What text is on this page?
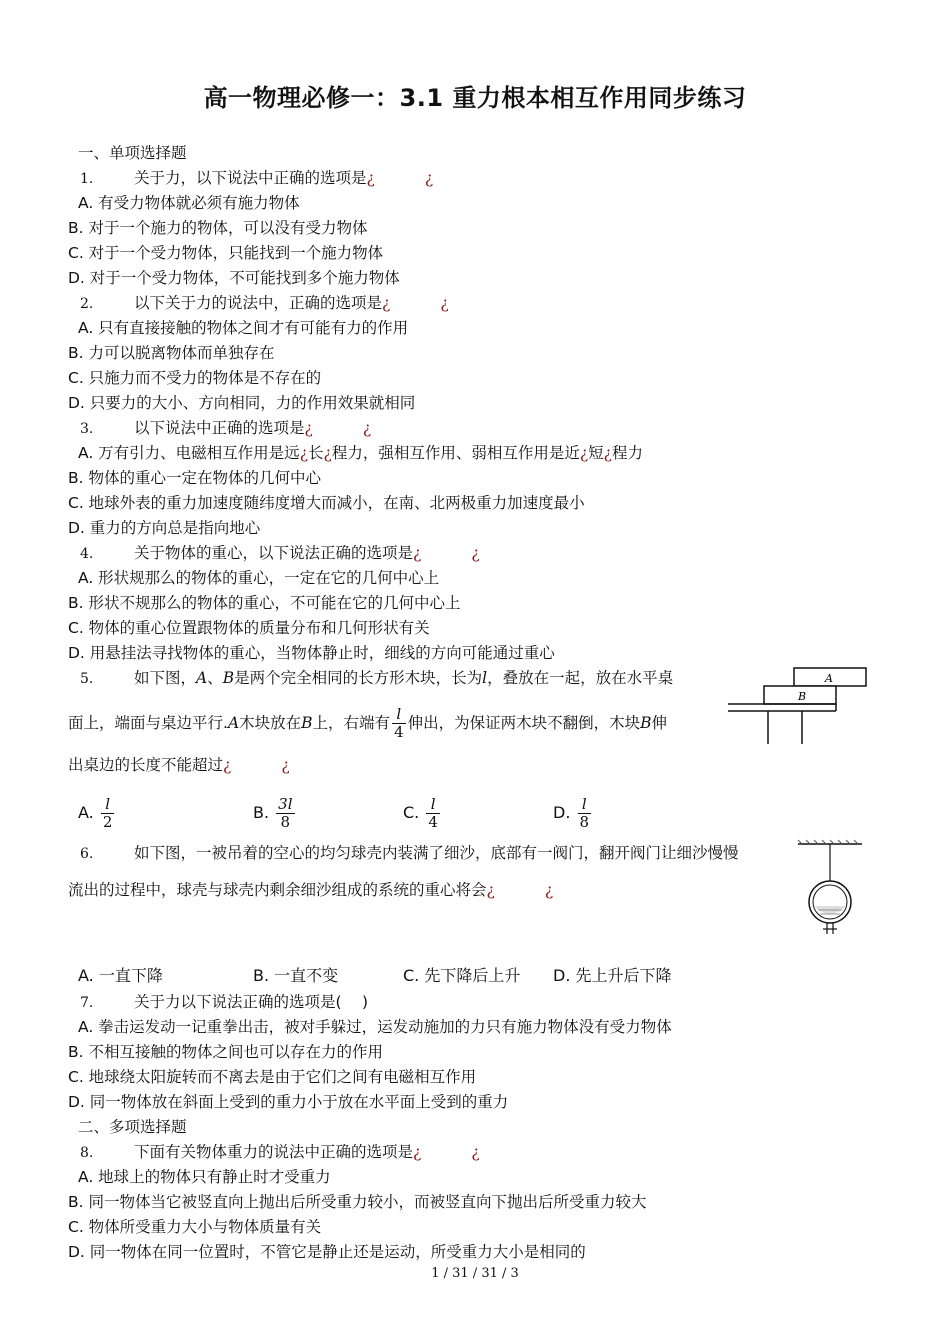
高一物理必修一：3.1 重力根本相互作用同步练习
一、单项选择题
1.	关于力，以下说法中正确的选项是¿	¿
A. 有受力物体就必须有施力物体
B. 对于一个施力的物体，可以没有受力物体
C. 对于一个受力物体，只能找到一个施力物体
D. 对于一个受力物体，不可能找到多个施力物体
2.	以下关于力的说法中，正确的选项是¿	¿
A. 只有直接接触的物体之间才有可能有力的作用
B. 力可以脱离物体而单独存在
C. 只施力而不受力的物体是不存在的
D. 只要力的大小、方向相同，力的作用效果就相同
3.	以下说法中正确的选项是¿	¿
A. 万有引力、电磁相互作用是远¿长¿程力，强相互作用、弱相互作用是近¿短¿程力
B. 物体的重心一定在物体的几何中心
C. 地球外表的重力加速度随纬度增大而减小，在南、北两极重力加速度最小
D. 重力的方向总是指向地心
4.	关于物体的重心，以下说法正确的选项是¿	¿
A. 形状规那么的物体的重心，一定在它的几何中心上
B. 形状不规那么的物体的重心，不可能在它的几何中心上
C. 物体的重心位置跟物体的质量分布和几何形状有关
D. 用悬挂法寻找物体的重心，当物体静止时，细线的方向可能通过重心
5.	如下图，A、B是两个完全相同的长方形木块，长为l，叠放在一起，放在水平桌
面上，端面与桌边平行.A木块放在B上，右端有 $\frac{l}{4}$ 伸出，为保证两木块不翻倒，木块B伸
出桌边的长度不能超过¿	¿
A
B
A. $\frac{l}{2}$	B. $\frac{3l}{8}$	C. $\frac{l}{4}$	D. $\frac{l}{8}$
6.	如下图，一被吊着的空心的均匀球壳内装满了细沙，底部有一阀门，翻开阀门让细沙慢慢
流出的过程中，球壳与球壳内剩余细沙组成的系统的重心将会¿	¿
A. 一直下降	B. 一直不变	C. 先下降后上升 D. 先上升后下降
7.	关于力以下说法正确的选项是(　 )
A. 拳击运发动一记重拳出击，被对手躲过，运发动施加的力只有施力物体没有受力物体
B. 不相互接触的物体之间也可以存在力的作用
C. 地球绕太阳旋转而不离去是由于它们之间有电磁相互作用
D. 同一物体放在斜面上受到的重力小于放在水平面上受到的重力
二、多项选择题
8.	下面有关物体重力的说法中正确的选项是¿	¿
A. 地球上的物体只有静止时才受重力
B. 同一物体当它被竖直向上抛出后所受重力较小，而被竖直向下抛出后所受重力较大
C. 物体所受重力大小与物体质量有关
D. 同一物体在同一位置时，不管它是静止还是运动，所受重力大小是相同的
1 / 31 / 31 / 3
